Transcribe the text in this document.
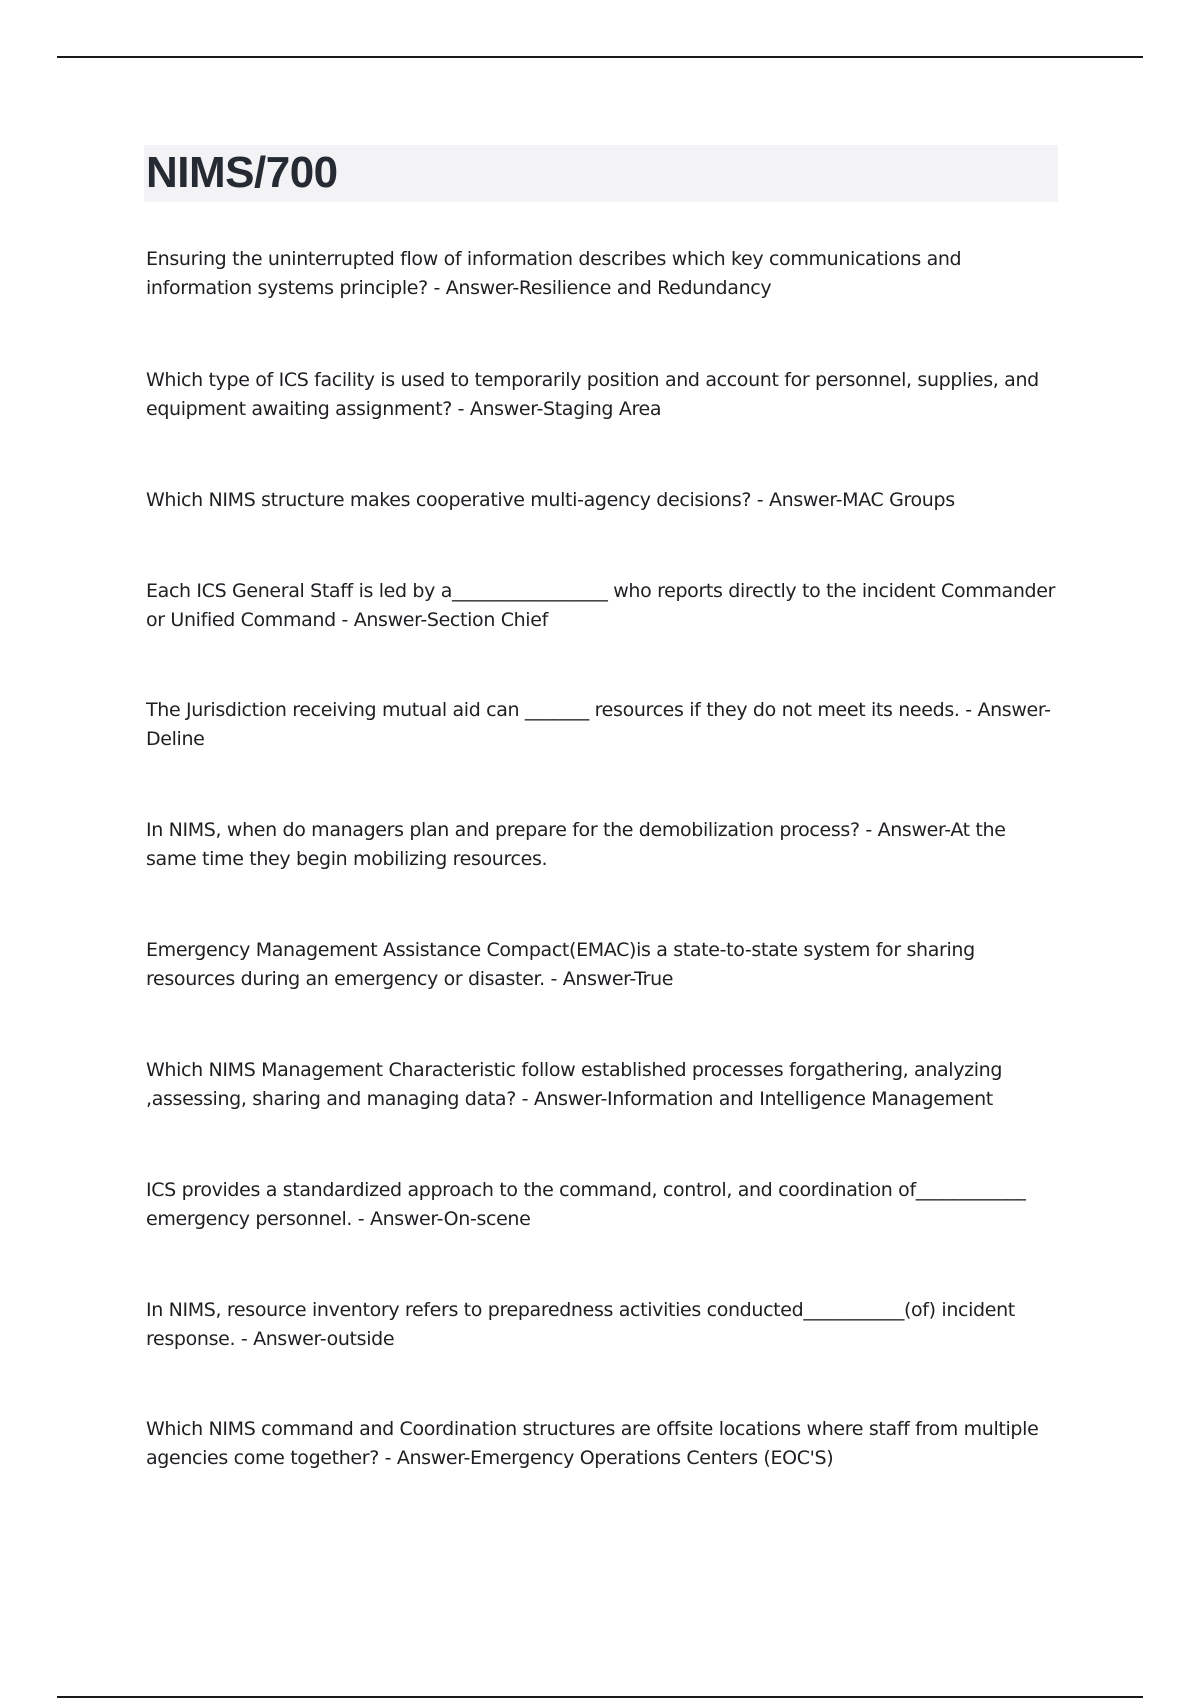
NIMS/700

Ensuring the uninterrupted flow of information describes which key communications and information systems principle? - Answer-Resilience and Redundancy

Which type of ICS facility is used to temporarily position and account for personnel, supplies, and equipment awaiting assignment? - Answer-Staging Area

Which NIMS structure makes cooperative multi-agency decisions? - Answer-MAC Groups

Each ICS General Staff is led by a_________________ who reports directly to the incident Commander or Unified Command - Answer-Section Chief

The Jurisdiction receiving mutual aid can _______ resources if they do not meet its needs. - Answer-Deline

In NIMS, when do managers plan and prepare for the demobilization process? - Answer-At the same time they begin mobilizing resources.

Emergency Management Assistance Compact(EMAC)is a state-to-state system for sharing resources during an emergency or disaster. - Answer-True

Which NIMS Management Characteristic follow established processes forgathering, analyzing ,assessing, sharing and managing data? - Answer-Information and Intelligence Management

ICS provides a standardized approach to the command, control, and coordination of____________ emergency personnel. - Answer-On-scene

In NIMS, resource inventory refers to preparedness activities conducted___________(of) incident response. - Answer-outside

Which NIMS command and Coordination structures are offsite locations where staff from multiple agencies come together? - Answer-Emergency Operations Centers (EOC'S)
